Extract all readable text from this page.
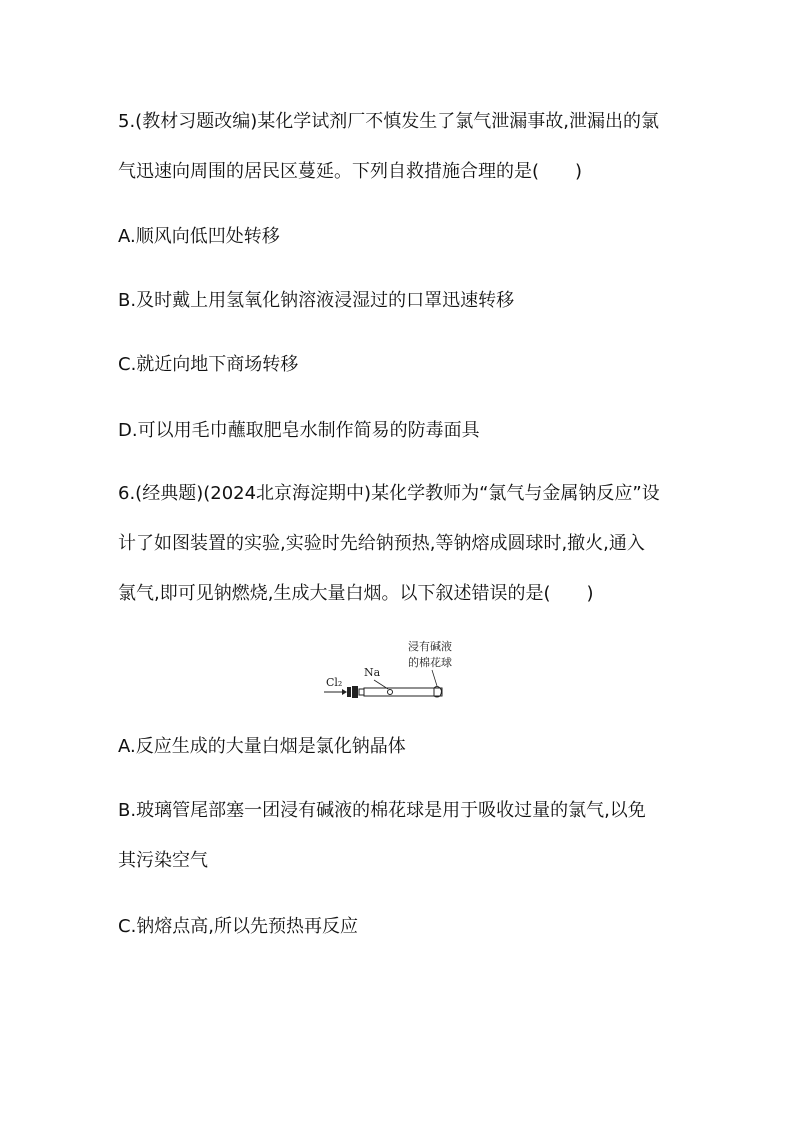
5.(教材习题改编)某化学试剂厂不慎发生了氯气泄漏事故,泄漏出的氯
气迅速向周围的居民区蔓延。下列自救措施合理的是(　　)
A.顺风向低凹处转移
B.及时戴上用氢氧化钠溶液浸湿过的口罩迅速转移
C.就近向地下商场转移
D.可以用毛巾蘸取肥皂水制作简易的防毒面具
6.(经典题)(2024北京海淀期中)某化学教师为“氯气与金属钠反应”设
计了如图装置的实验,实验时先给钠预热,等钠熔成圆球时,撤火,通入
氯气,即可见钠燃烧,生成大量白烟。以下叙述错误的是(　　)
浸有碱液
的棉花球
Na
Cl₂
A.反应生成的大量白烟是氯化钠晶体
B.玻璃管尾部塞一团浸有碱液的棉花球是用于吸收过量的氯气,以免
其污染空气
C.钠熔点高,所以先预热再反应
